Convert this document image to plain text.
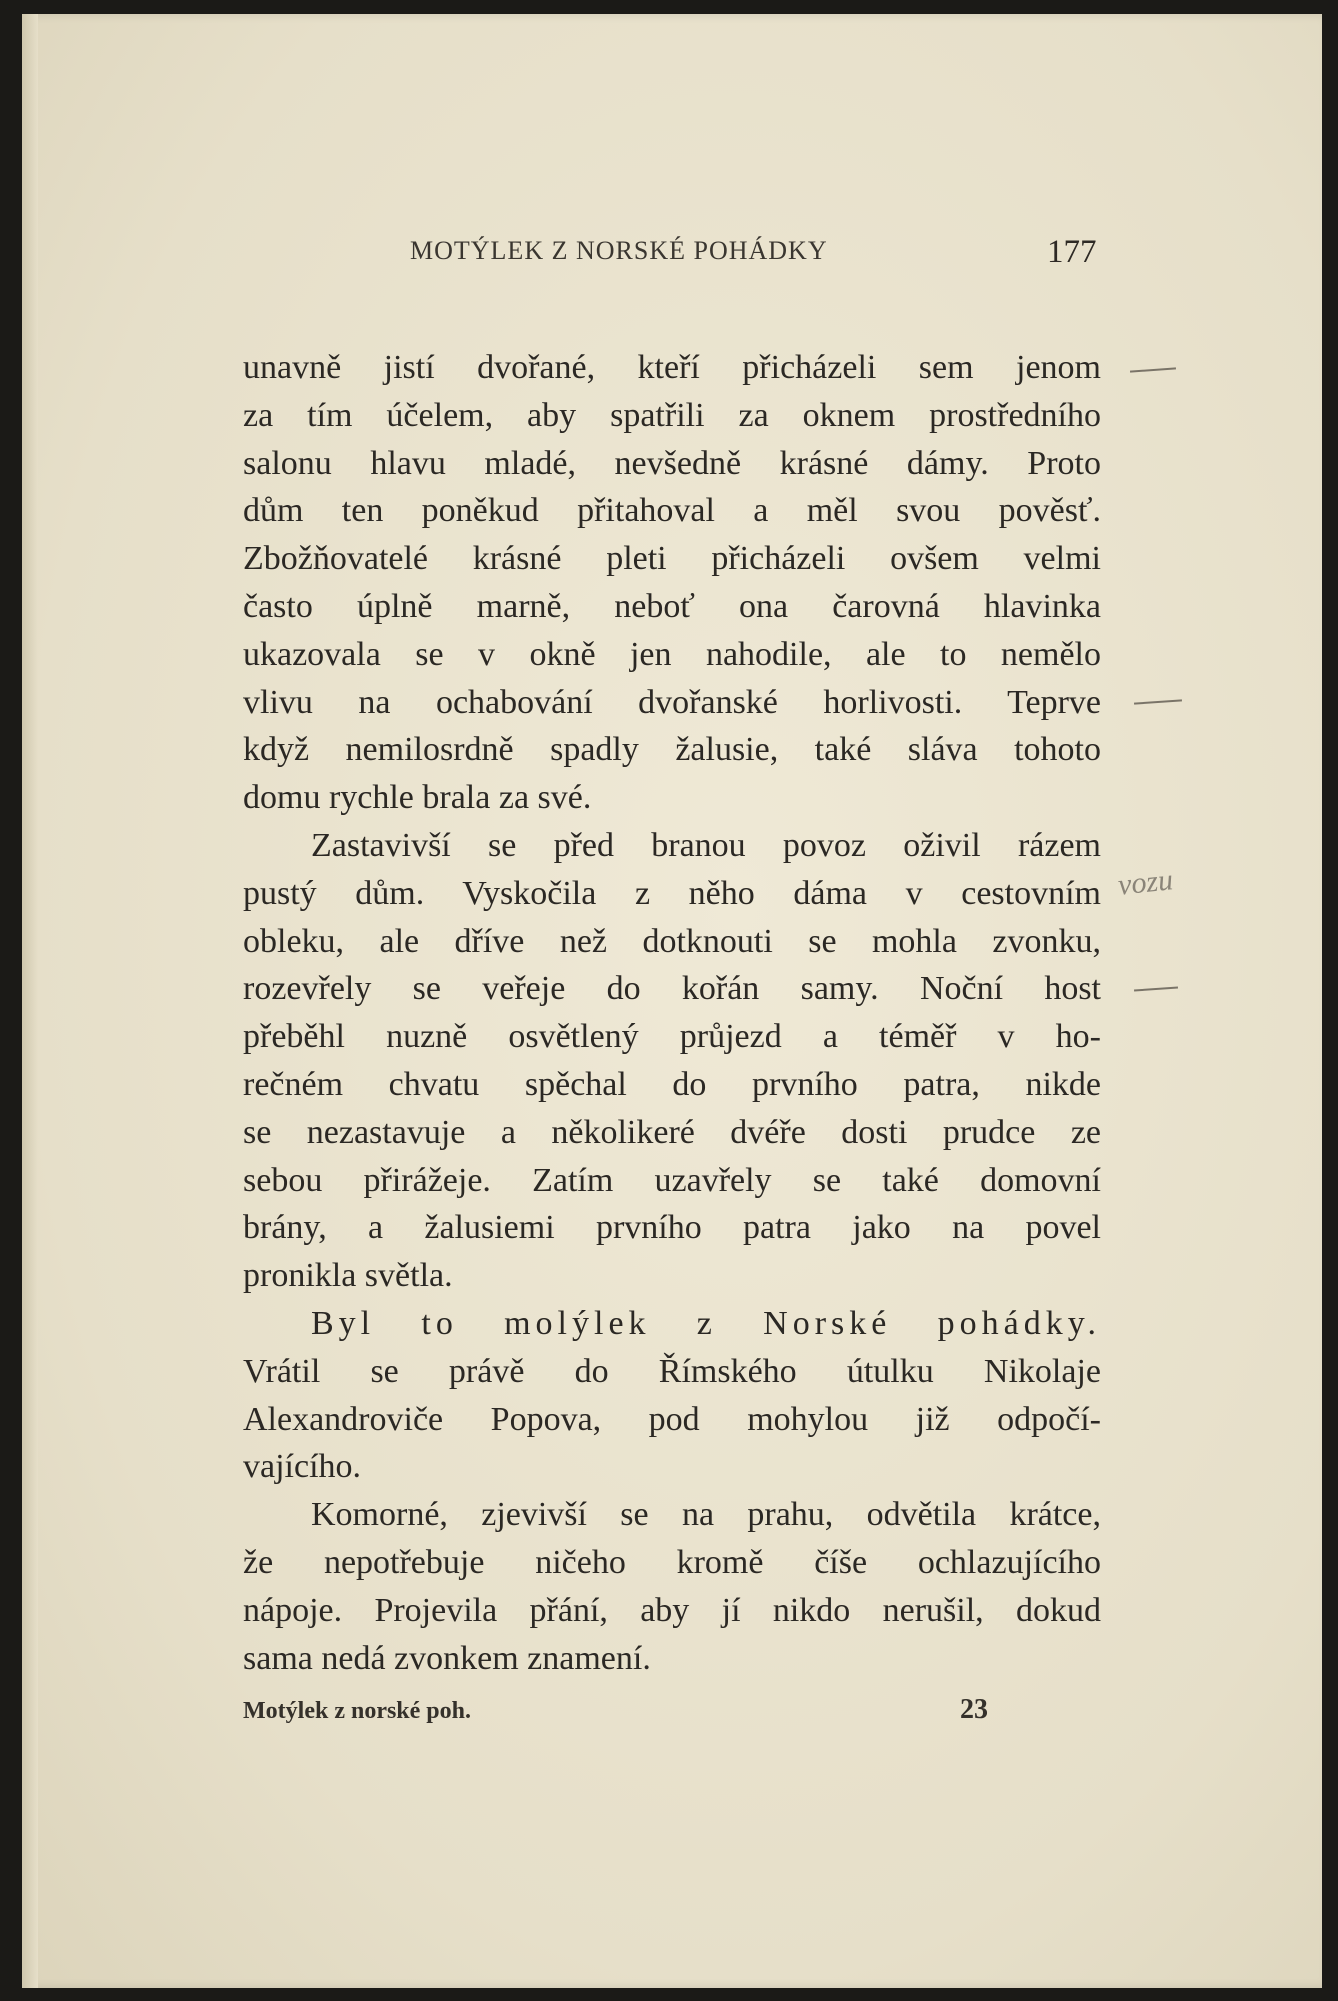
MOTÝLEK Z NORSKÉ POHÁDKY	177
unavně jistí dvořané, kteří přicházeli sem jenom
za tím účelem, aby spatřili za oknem prostředního
salonu hlavu mladé, nevšedně krásné dámy. Proto
dům ten poněkud přitahoval a měl svou pověsť.
Zbožňovatelé krásné pleti přicházeli ovšem velmi
často úplně marně, neboť ona čarovná hlavinka
ukazovala se v okně jen nahodile, ale to nemělo
vlivu na ochabování dvořanské horlivosti. Teprve
když nemilosrdně spadly žalusie, také sláva tohoto
domu rychle brala za své.
Zastavivší se před branou povoz oživil rázem
pustý dům. Vyskočila z něho dáma v cestovním
obleku, ale dříve než dotknouti se mohla zvonku,
rozevřely se veřeje do kořán samy. Noční host
přeběhl nuzně osvětlený průjezd a téměř v ho-
rečném chvatu spěchal do prvního patra, nikde
se nezastavuje a několikeré dvéře dosti prudce ze
sebou přirážeje. Zatím uzavřely se také domovní
brány, a žalusiemi prvního patra jako na povel
pronikla světla.
Byl to molýlek z Norské pohádky.
Vrátil se právě do Římského útulku Nikolaje
Alexandroviče Popova, pod mohylou již odpočí-
vajícího.
Komorné, zjevivší se na prahu, odvětila krátce,
že nepotřebuje ničeho kromě číše ochlazujícího
nápoje. Projevila přání, aby jí nikdo nerušil, dokud
sama nedá zvonkem znamení.
Motýlek z norské poh.	23
vozu
